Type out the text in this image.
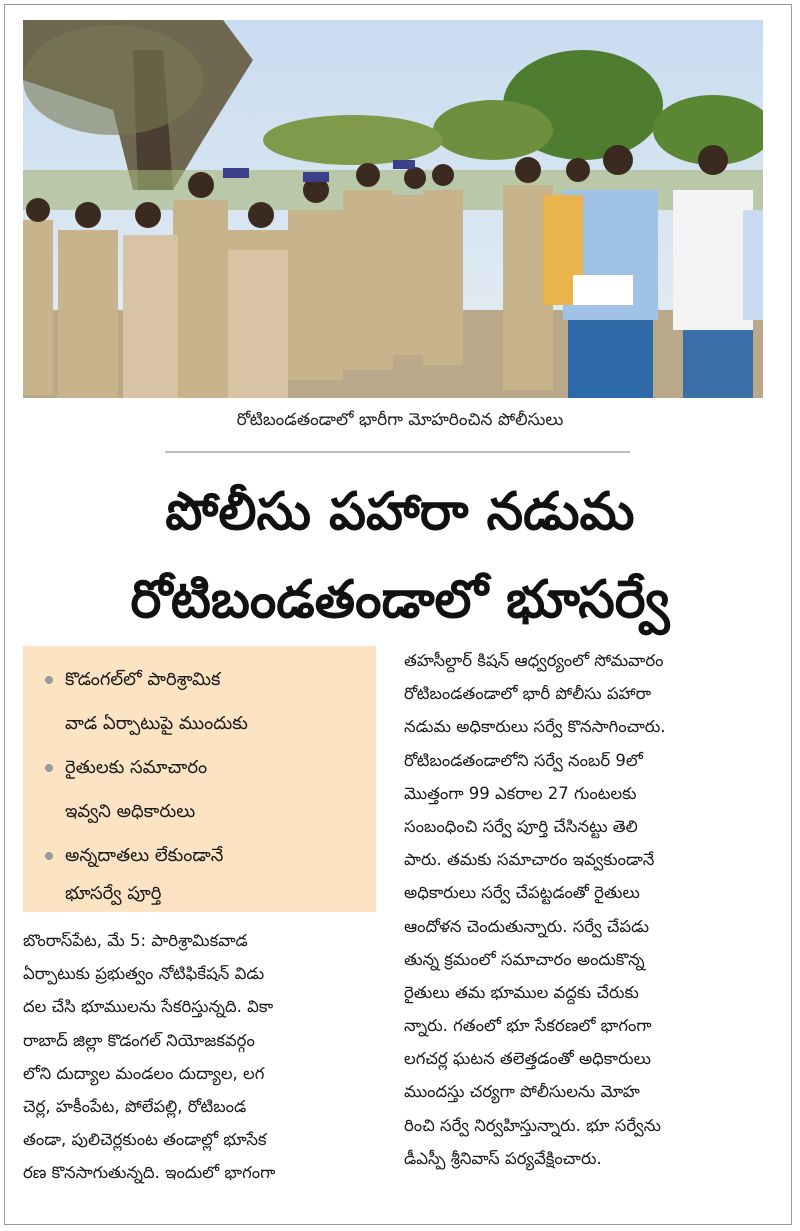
రోటిబండతండాలో భారీగా మోహరించిన పోలీసులు
పోలీసు పహారా నడుమ
రోటిబండతండాలో భూసర్వే
కొడంగల్‌లో పారిశ్రామిక
వాడ ఏర్పాటుపై ముందుకు
రైతులకు సమాచారం
ఇవ్వని అధికారులు
అన్నదాతలు లేకుండానే
భూసర్వే పూర్తి
బొంరాస్‌పేట, మే 5: పారిశ్రామికవాడ
ఏర్పాటుకు ప్రభుత్వం నోటిఫికేషన్ విడు
దల చేసి భూములను సేకరిస్తున్నది. వికా
రాబాద్ జిల్లా కొడంగల్ నియోజకవర్గం
లోని దుద్యాల మండలం దుద్యాల, లగ
చెర్ల, హకీంపేట, పోలేపల్లి, రోటిబండ
తండా, పులిచెర్లకుంట తండాల్లో భూసేక
రణ కొనసాగుతున్నది. ఇందులో భాగంగా
తహసీల్దార్ కిషన్ ఆధ్వర్యంలో సోమవారం
రోటిబండతండాలో భారీ పోలీసు పహారా
నడుమ అధికారులు సర్వే కొనసాగించారు.
రోటిబండతండాలోని సర్వే నంబర్ 9లో
మొత్తంగా 99 ఎకరాల 27 గుంటలకు
సంబంధించి సర్వే పూర్తి చేసినట్టు తెలి
పారు. తమకు సమాచారం ఇవ్వకుండానే
అధికారులు సర్వే చేపట్టడంతో రైతులు
ఆందోళన చెందుతున్నారు. సర్వే చేపడు
తున్న క్రమంలో సమాచారం అందుకొన్న
రైతులు తమ భూముల వద్దకు చేరుకు
న్నారు. గతంలో భూ సేకరణలో భాగంగా
లగచర్ల ఘటన తలెత్తడంతో అధికారులు
ముందస్తు చర్యగా పోలీసులను మోహ
రించి సర్వే నిర్వహిస్తున్నారు. భూ సర్వేను
డీఎస్పీ శ్రీనివాస్ పర్యవేక్షించారు.
